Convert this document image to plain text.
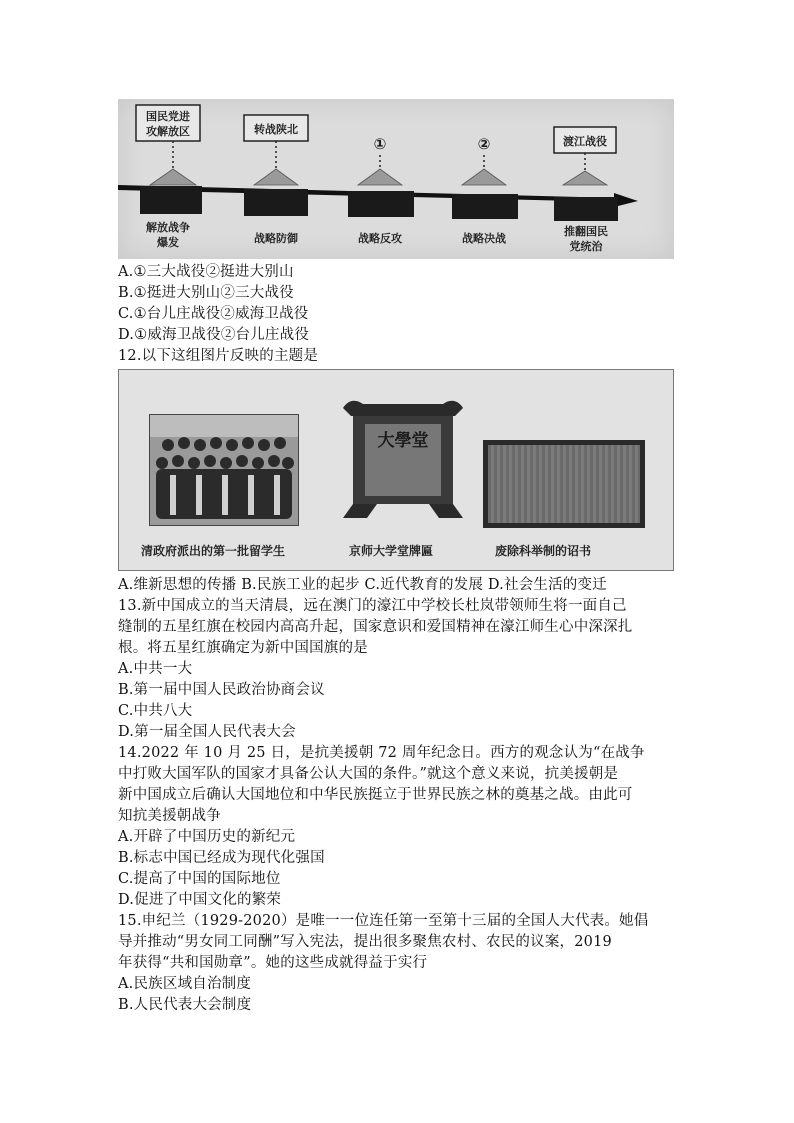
国民党进
攻解放区	转战陕北
①	②	渡江战役
解放战争
爆发	战略防御	战略反攻	战略决战
推翻国民
党统治
A.①三大战役②挺进大别山
B.①挺进大别山②三大战役
C.①台儿庄战役②威海卫战役
D.①威海卫战役②台儿庄战役
12.以下这组图片反映的主题是
大學堂
清政府派出的第一批留学生	京师大学堂牌匾	废除科举制的诏书
A.维新思想的传播 B.民族工业的起步 C.近代教育的发展 D.社会生活的变迁
13.新中国成立的当天清晨，远在澳门的濠江中学校长杜岚带领师生将一面自己
缝制的五星红旗在校园内高高升起，国家意识和爱国精神在濠江师生心中深深扎
根。将五星红旗确定为新中国国旗的是
A.中共一大
B.第一届中国人民政治协商会议
C.中共八大
D.第一届全国人民代表大会
14.2022 年 10 月 25 日，是抗美援朝 72 周年纪念日。西方的观念认为“在战争
中打败大国军队的国家才具备公认大国的条件。”就这个意义来说，抗美援朝是
新中国成立后确认大国地位和中华民族挺立于世界民族之林的奠基之战。由此可
知抗美援朝战争
A.开辟了中国历史的新纪元
B.标志中国已经成为现代化强国
C.提高了中国的国际地位
D.促进了中国文化的繁荣
15.申纪兰（1929-2020）是唯一一位连任第一至第十三届的全国人大代表。她倡
导并推动“男女同工同酬”写入宪法，提出很多聚焦农村、农民的议案，2019
年获得“共和国勋章”。她的这些成就得益于实行
A.民族区域自治制度
B.人民代表大会制度
